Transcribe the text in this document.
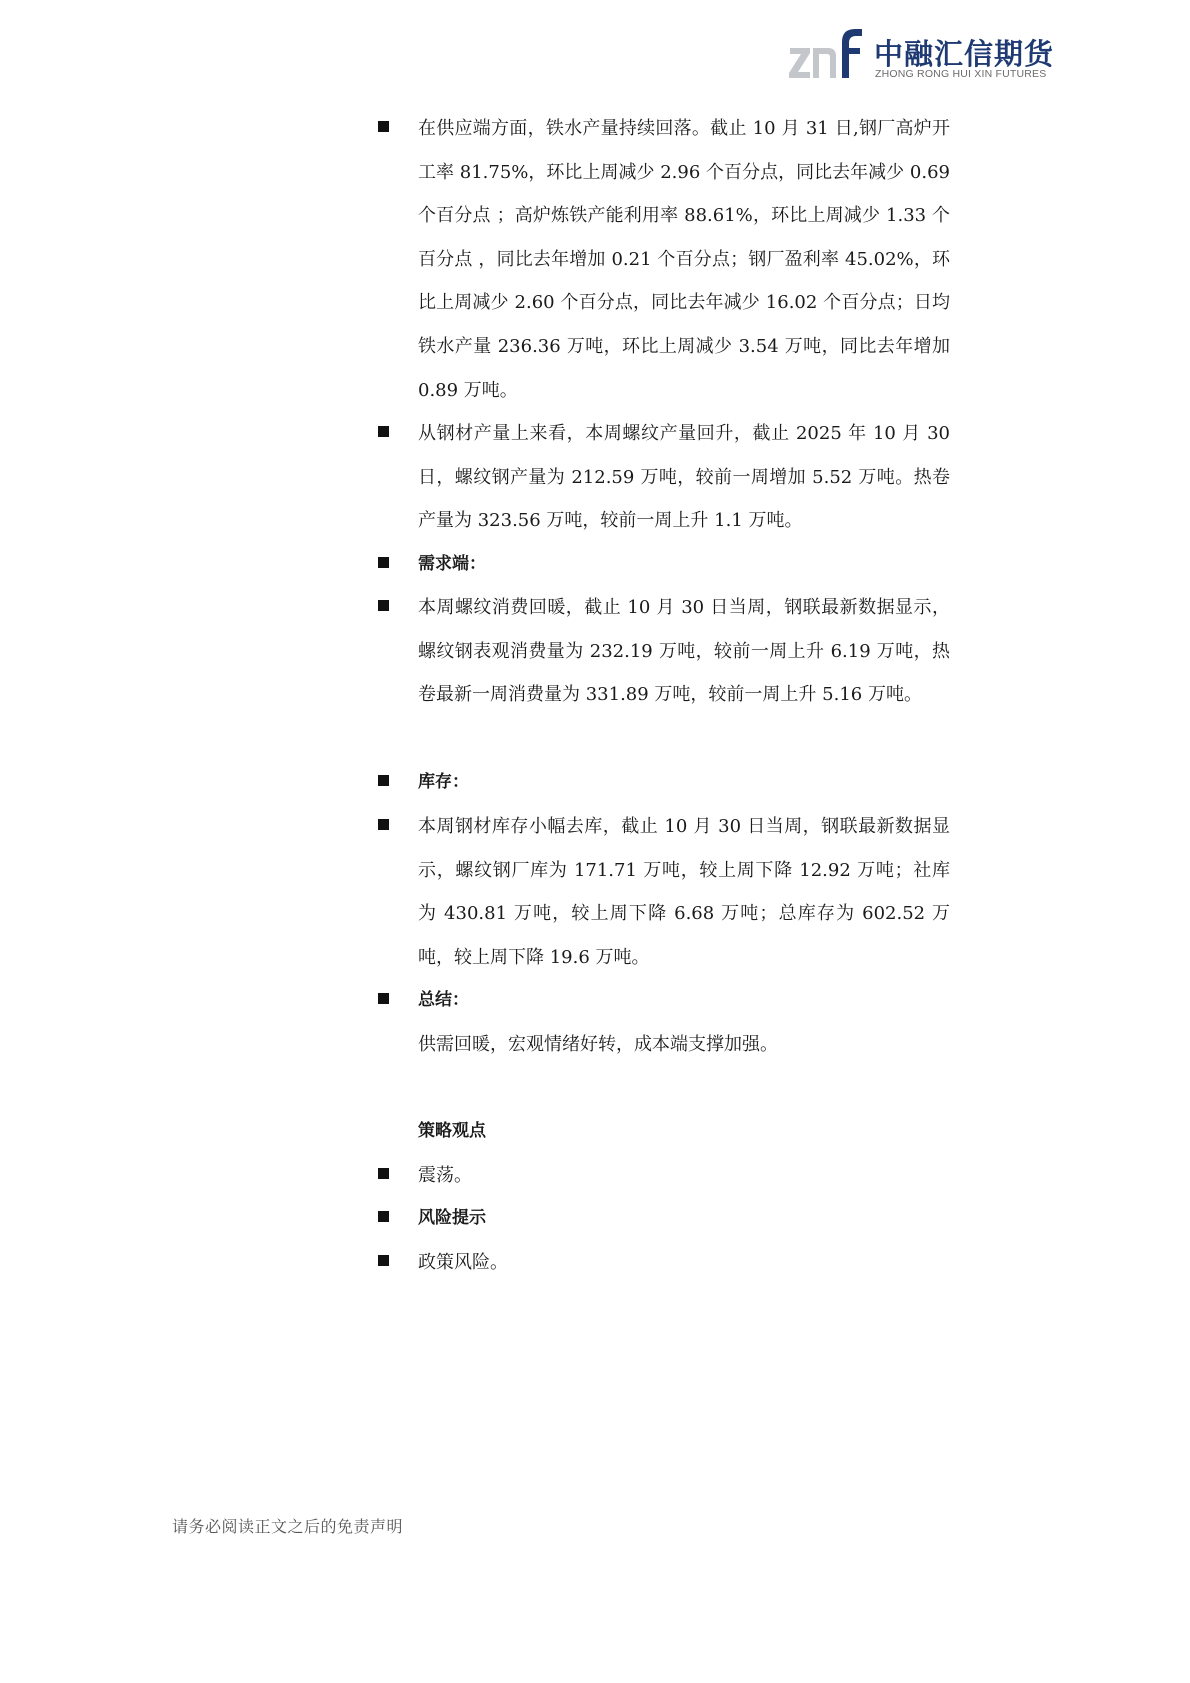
中融汇信期货
ZHONG RONG HUI XIN FUTURES
在供应端方面，铁水产量持续回落。截止 10 月 31 日,钢厂高炉开工率 81.75%，环比上周减少 2.96 个百分点，同比去年减少 0.69 个百分点 ；高炉炼铁产能利用率 88.61%，环比上周减少 1.33 个百分点 ，同比去年增加 0.21 个百分点；钢厂盈利率 45.02%，环比上周减少 2.60 个百分点，同比去年减少 16.02 个百分点；日均铁水产量 236.36 万吨，环比上周减少 3.54 万吨，同比去年增加 0.89 万吨。
从钢材产量上来看，本周螺纹产量回升，截止 2025 年 10 月 30 日，螺纹钢产量为 212.59 万吨，较前一周增加 5.52 万吨。热卷产量为 323.56 万吨，较前一周上升 1.1 万吨。
需求端：
本周螺纹消费回暖，截止 10 月 30 日当周，钢联最新数据显示，螺纹钢表观消费量为 232.19 万吨，较前一周上升 6.19 万吨，热卷最新一周消费量为 331.89 万吨，较前一周上升 5.16 万吨。
库存：
本周钢材库存小幅去库，截止 10 月 30 日当周，钢联最新数据显示，螺纹钢厂库为 171.71 万吨，较上周下降 12.92 万吨；社库为 430.81 万吨，较上周下降 6.68 万吨；总库存为 602.52 万吨，较上周下降 19.6 万吨。
总结：
供需回暖，宏观情绪好转，成本端支撑加强。
策略观点
震荡。
风险提示
政策风险。
请务必阅读正文之后的免责声明
